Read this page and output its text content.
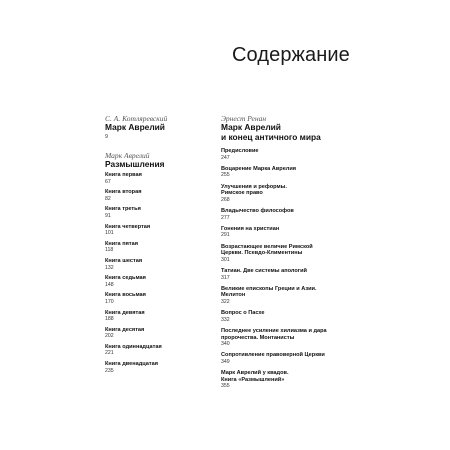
Содержание
С. А. Котляревский
Марк Аврелий
9
Марк Аврелий
Размышления
Книга первая
67
Книга вторая
82
Книга третья
91
Книга четвертая
101
Книга пятая
118
Книга шестая
132
Книга седьмая
148
Книга восьмая
170
Книга девятая
188
Книга десятая
202
Книга одиннадцатая
221
Книга двенадцатая
235
Эрнест Ренан
Марк Аврелий
и конец античного мира
Предисловие
247
Воцарение Марка Аврелия
255
Улучшения и реформы.
Римское право
268
Владычество философов
277
Гонения на христиан
291
Возрастающее величие Римской
Церкви. Псевдо-Климентины
301
Татиан. Две системы апологий
317
Великие епископы Греции и Азии.
Мелитон
322
Вопрос о Пасхе
332
Последнее усиление хилиазма и дара
пророчества. Монтанисты
340
Сопротивление правоверной Церкви
349
Марк Аврелий у квадов.
Книга «Размышлений»
355
